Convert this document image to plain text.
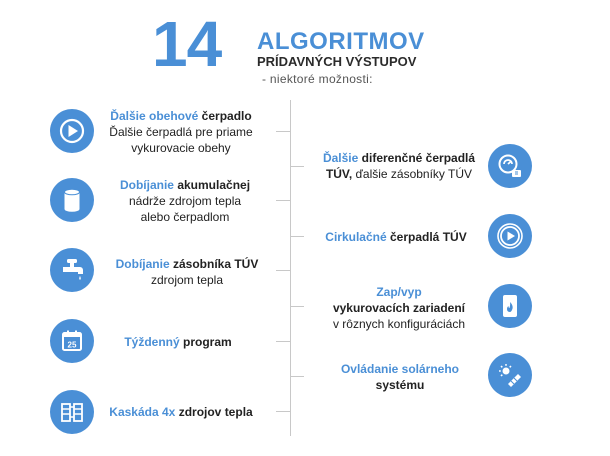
14 ALGORITMOV
PRÍDAVNÝCH VÝSTUPOV
- niektoré možnosti:
Ďalšie obehové čerpadlo
Ďalšie čerpadlá pre priame
vykurovacie obehy
Dobíjanie akumulačnej
nádrže zdrojom tepla
alebo čerpadlom
Dobíjanie zásobníka TÚV
zdrojom tepla
25	Týždenný program
Kaskáda 4x zdrojov tepla
Ďalšie diferenčné čerpadlá
TÚV, ďalšie zásobníky TÚV
Cirkulačné čerpadlá TÚV
Zap/vyp
vykurovacích zariadení
v rôznych konfiguráciách
Ovládanie solárneho
systému
